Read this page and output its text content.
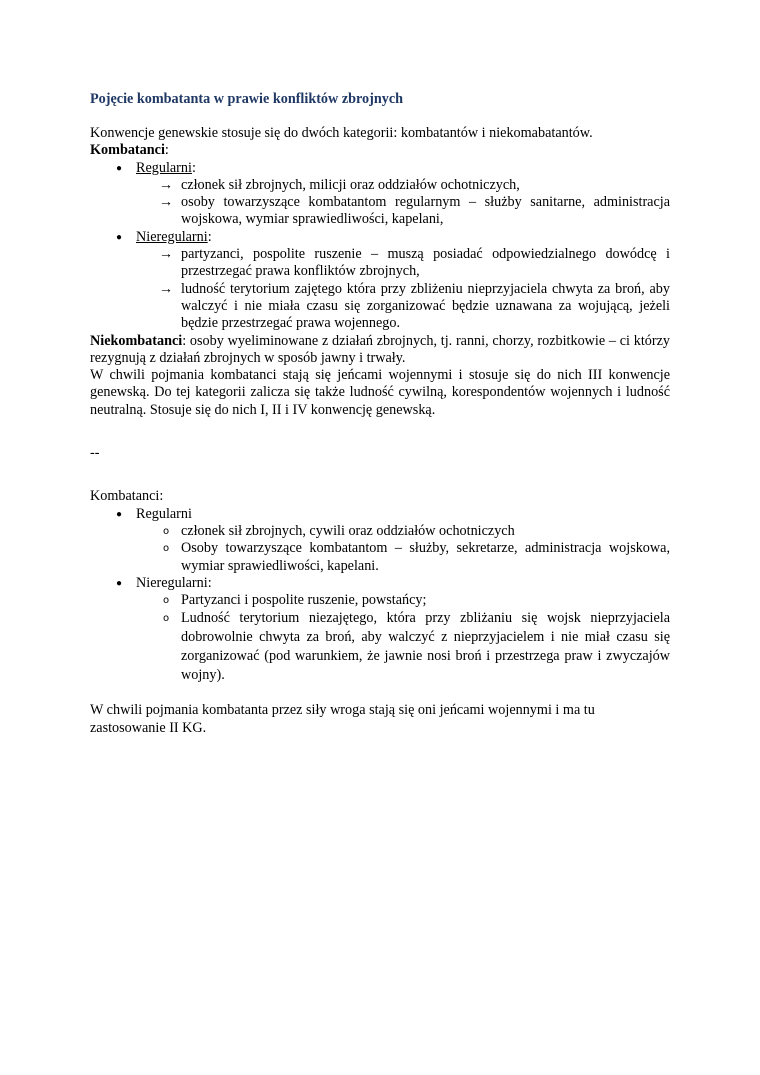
Pojęcie kombatanta w prawie konfliktów zbrojnych

Konwencje genewskie stosuje się do dwóch kategorii: kombatantów i niekomabatantów.

Kombatanci:

● Regularni:
→ członek sił zbrojnych, milicji oraz oddziałów ochotniczych,
→ osoby towarzyszące kombatantom regularnym – służby sanitarne, administracja wojskowa, wymiar sprawiedliwości, kapelani,
● Nieregularni:
→ partyzanci, pospolite ruszenie – muszą posiadać odpowiedzialnego dowódcę i przestrzegać prawa konfliktów zbrojnych,
→ ludność terytorium zajętego która przy zbliżeniu nieprzyjaciela chwyta za broń, aby walczyć i nie miała czasu się zorganizować będzie uznawana za wojującą, jeżeli będzie przestrzegać prawa wojennego.

Niekombatanci: osoby wyeliminowane z działań zbrojnych, tj. ranni, chorzy, rozbitkowie – ci którzy rezygnują z działań zbrojnych w sposób jawny i trwały.

W chwili pojmania kombatanci stają się jeńcami wojennymi i stosuje się do nich III konwencje genewską. Do tej kategorii zalicza się także ludność cywilną, korespondentów wojennych i ludność neutralną. Stosuje się do nich I, II i IV konwencję genewską.

--

Kombatanci:

● Regularni
o członek sił zbrojnych, cywili oraz oddziałów ochotniczych
o Osoby towarzyszące kombatantom – służby, sekretarze, administracja wojskowa, wymiar sprawiedliwości, kapelani.
● Nieregularni:
o Partyzanci i pospolite ruszenie, powstańcy;
o Ludność terytorium niezajętego, która przy zbliżaniu się wojsk nieprzyjaciela dobrowolnie chwyta za broń, aby walczyć z nieprzyjacielem i nie miał czasu się zorganizować (pod warunkiem, że jawnie nosi broń i przestrzega praw i zwyczajów wojny).

W chwili pojmania kombatanta przez siły wroga stają się oni jeńcami wojennymi i ma tu zastosowanie II KG.
